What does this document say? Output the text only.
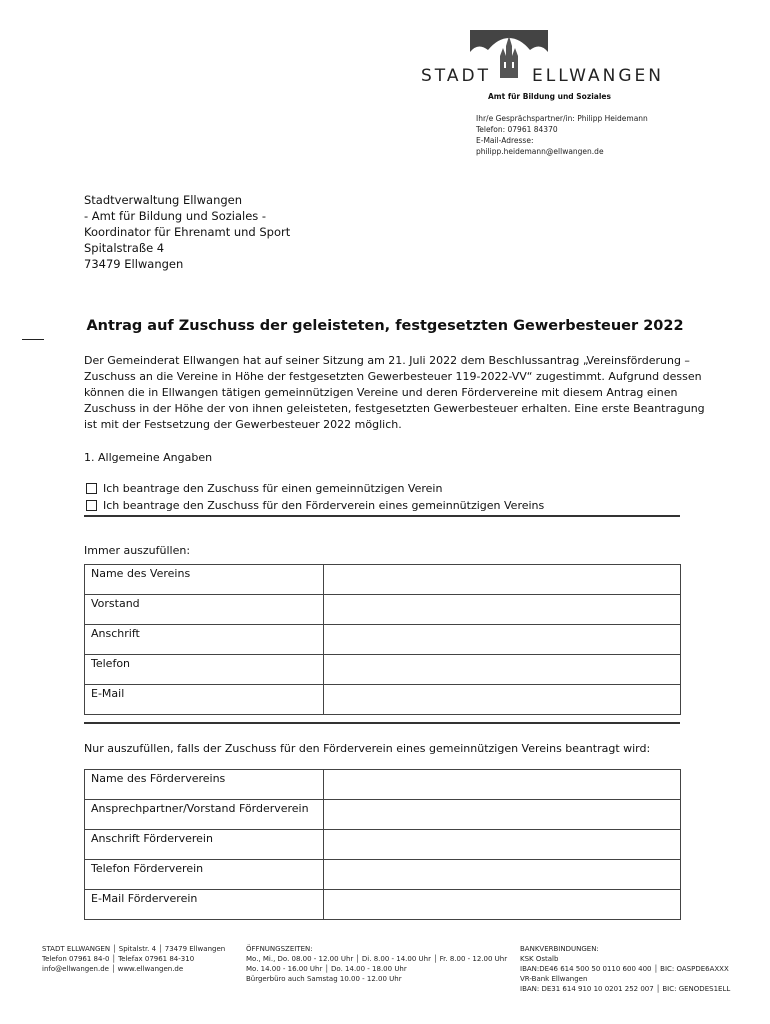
STADT ELLWANGEN
Amt für Bildung und Soziales
Ihr/e Gesprächspartner/in: Philipp Heidemann
Telefon: 07961 84370
E-Mail-Adresse:
philipp.heidemann@ellwangen.de
Stadtverwaltung Ellwangen
- Amt für Bildung und Soziales -
Koordinator für Ehrenamt und Sport
Spitalstraße 4
73479 Ellwangen
Antrag auf Zuschuss der geleisteten, festgesetzten Gewerbesteuer 2022
Der Gemeinderat Ellwangen hat auf seiner Sitzung am 21. Juli 2022 dem Beschlussantrag „Vereinsförderung –
Zuschuss an die Vereine in Höhe der festgesetzten Gewerbesteuer 119-2022-VV“ zugestimmt. Aufgrund dessen
können die in Ellwangen tätigen gemeinnützigen Vereine und deren Fördervereine mit diesem Antrag einen
Zuschuss in der Höhe der von ihnen geleisteten, festgesetzten Gewerbesteuer erhalten. Eine erste Beantragung
ist mit der Festsetzung der Gewerbesteuer 2022 möglich.
1. Allgemeine Angaben
Ich beantrage den Zuschuss für einen gemeinnützigen Verein
Ich beantrage den Zuschuss für den Förderverein eines gemeinnützigen Vereins
Immer auszufüllen:
Name des Vereins	
Vorstand	
Anschrift	
Telefon	
E-Mail	
Nur auszufüllen, falls der Zuschuss für den Förderverein eines gemeinnützigen Vereins beantragt wird:
Name des Fördervereins	
Ansprechpartner/Vorstand Förderverein	
Anschrift Förderverein	
Telefon Förderverein	
E-Mail Förderverein	
STADT ELLWANGEN │ Spitalstr. 4 │ 73479 Ellwangen
Telefon 07961 84-0 │ Telefax 07961 84-310
info@ellwangen.de │ www.ellwangen.de
ÖFFNUNGSZEITEN:
Mo., Mi., Do. 08.00 - 12.00 Uhr │ Di. 8.00 - 14.00 Uhr │ Fr. 8.00 - 12.00 Uhr
Mo. 14.00 - 16.00 Uhr │ Do. 14.00 - 18.00 Uhr
Bürgerbüro auch Samstag 10.00 - 12.00 Uhr
BANKVERBINDUNGEN:
KSK Ostalb
IBAN:DE46 614 500 50 0110 600 400 │ BIC: OASPDE6AXXX
VR-Bank Ellwangen
IBAN: DE31 614 910 10 0201 252 007 │ BIC: GENODES1ELL
